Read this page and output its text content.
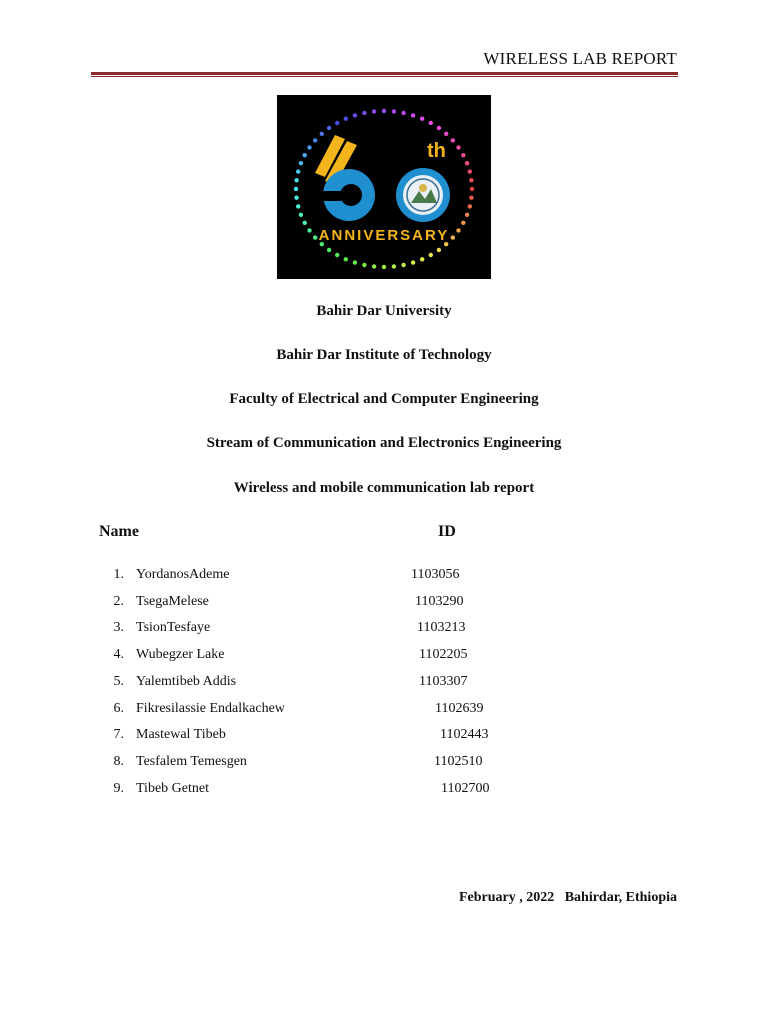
WIRELESS LAB REPORT
th
ANNIVERSARY
Bahir Dar University
Bahir Dar Institute of Technology
Faculty of Electrical and Computer Engineering
Stream of Communication and Electronics Engineering
Wireless and mobile communication lab report
Name	ID
1. YordanosAdeme	1103056
2. TsegaMelese	1103290
3. TsionTesfaye	1103213
4. Wubegzer Lake	1102205
5. Yalemtibeb Addis	1103307
6. Fikresilassie Endalkachew	1102639
7. Mastewal Tibeb	1102443
8. Tesfalem Temesgen	1102510
9. Tibeb Getnet	1102700
February , 2022 Bahirdar, Ethiopia
